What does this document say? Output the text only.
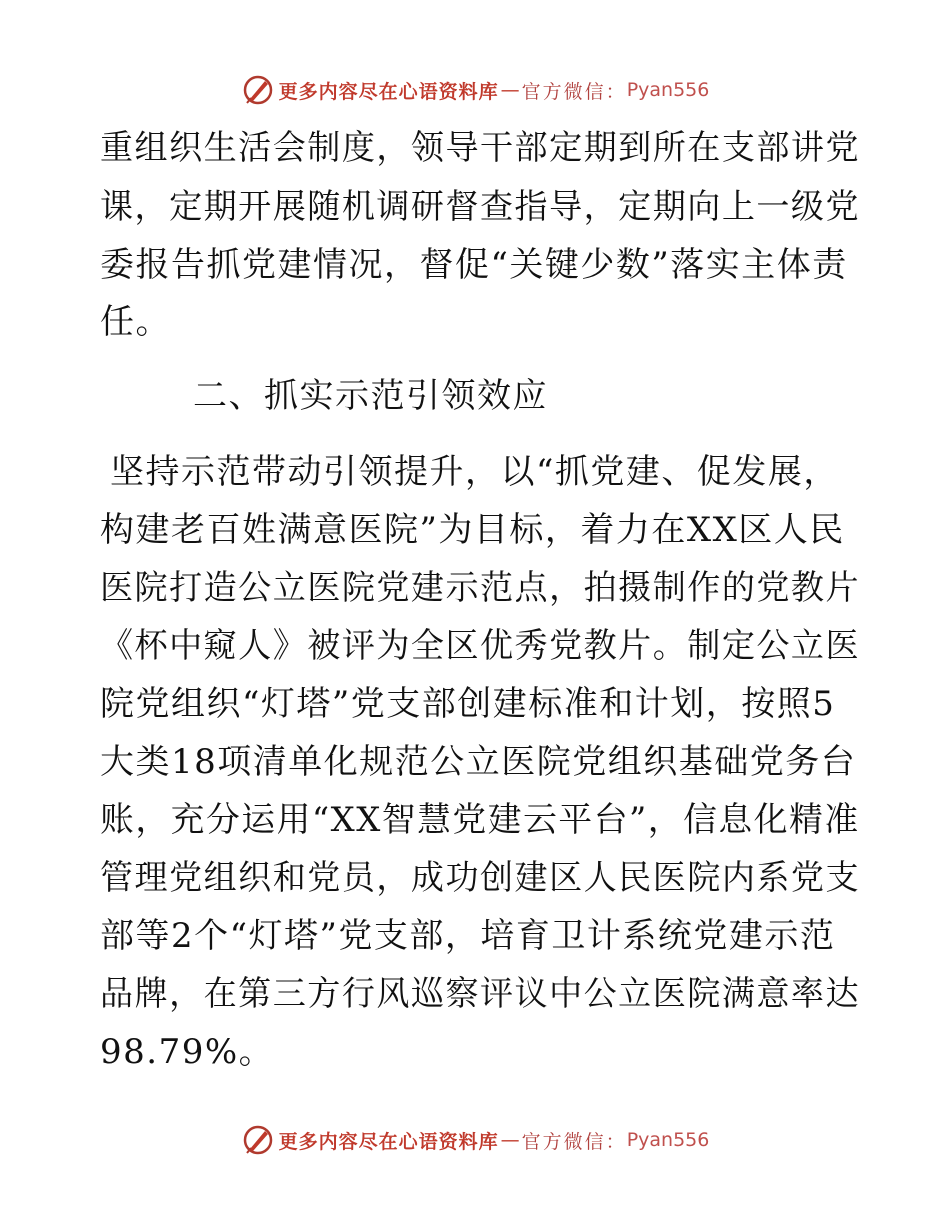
更多内容尽在心语资料库 — 官方微信： Pyan556
重组织生活会制度，领导干部定期到所在支部讲党
课，定期开展随机调研督查指导，定期向上一级党
委报告抓党建情况，督促“关键少数”落实主体责
任。
二、抓实示范引领效应
坚持示范带动引领提升，以“抓党建、促发展，
构建老百姓满意医院”为目标，着力在XX区人民
医院打造公立医院党建示范点，拍摄制作的党教片
《杯中窥人》被评为全区优秀党教片。制定公立医
院党组织“灯塔”党支部创建标准和计划，按照5
大类18项清单化规范公立医院党组织基础党务台
账，充分运用“XX智慧党建云平台”，信息化精准
管理党组织和党员，成功创建区人民医院内系党支
部等2个“灯塔”党支部，培育卫计系统党建示范
品牌，在第三方行风巡察评议中公立医院满意率达
98.79%。
更多内容尽在心语资料库 — 官方微信： Pyan556
